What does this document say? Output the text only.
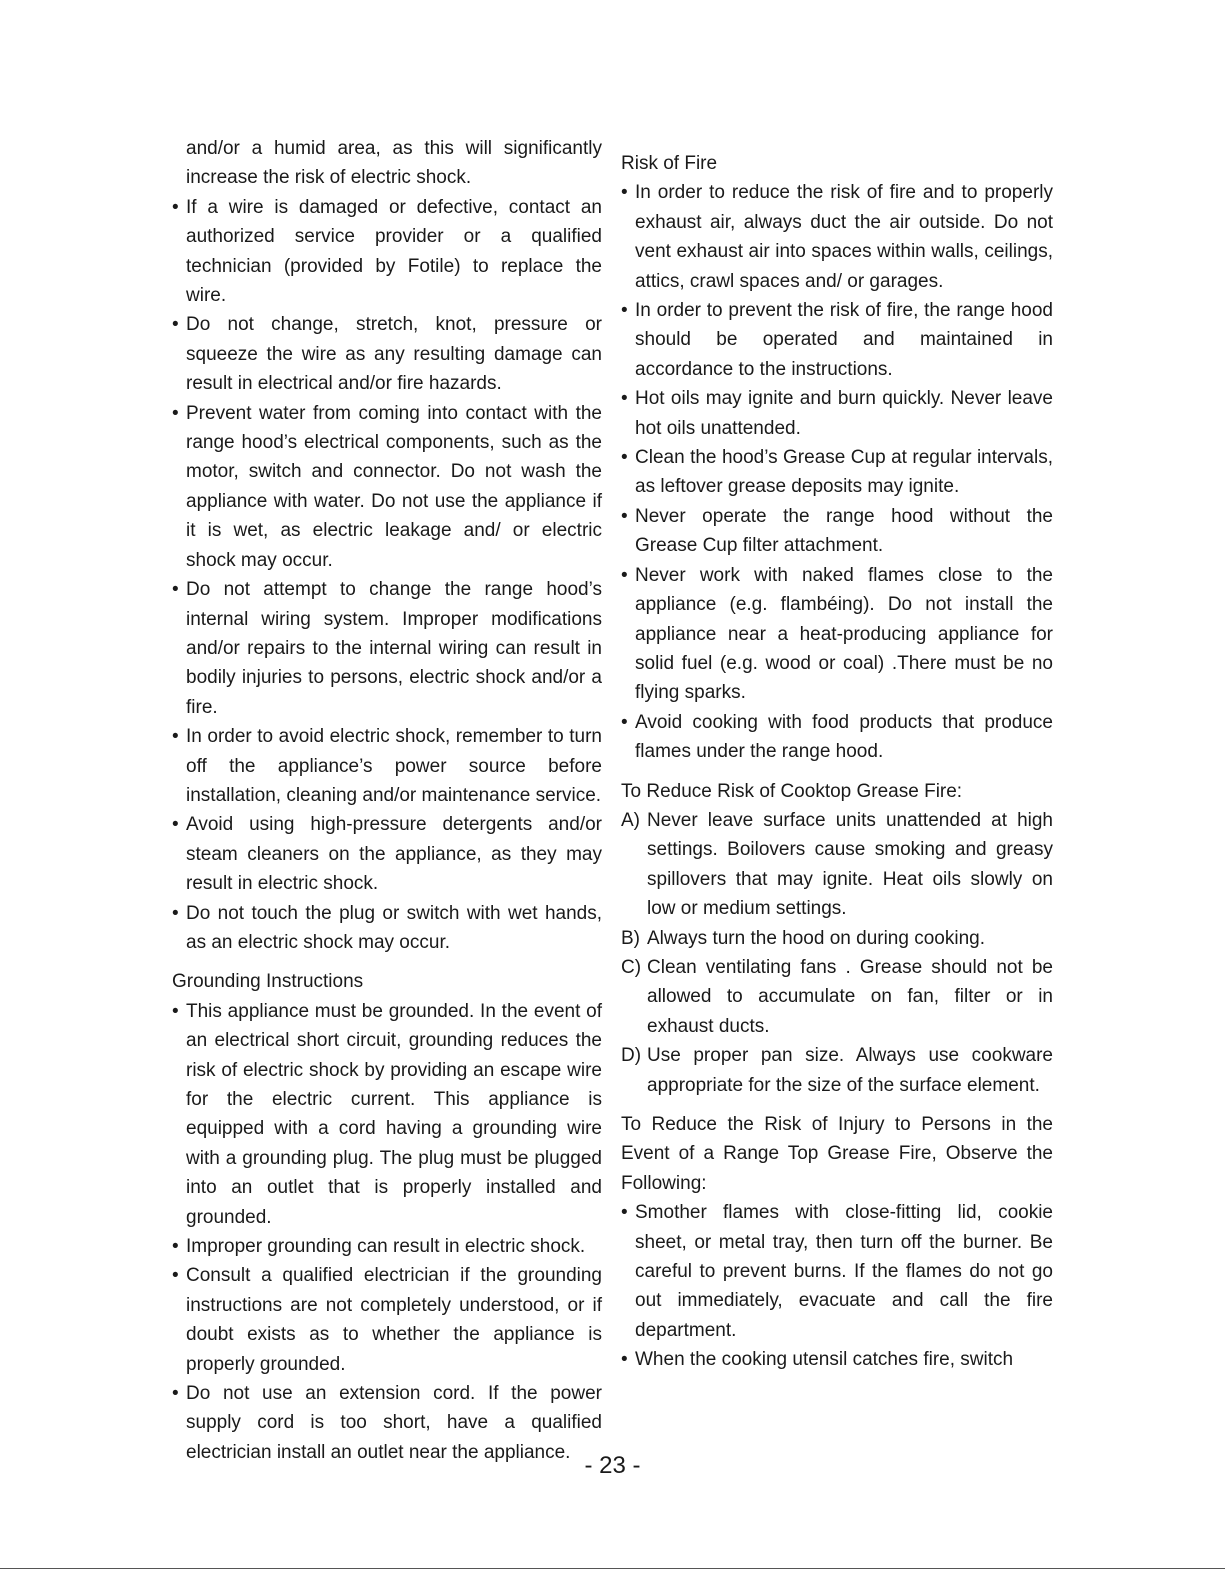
and/or a humid area, as this will significantly increase the risk of electric shock.

• If a wire is damaged or defective, contact an authorized service provider or a qualified technician (provided by Fotile) to replace the wire.

• Do not change, stretch, knot, pressure or squeeze the wire as any resulting damage can result in electrical and/or fire hazards.

• Prevent water from coming into contact with the range hood’s electrical components, such as the motor, switch and connector. Do not wash the appliance with water. Do not use the appliance if it is wet, as electric leakage and/ or electric shock may occur.

• Do not attempt to change the range hood’s internal wiring system. Improper modifications and/or repairs to the internal wiring can result in bodily injuries to persons, electric shock and/or a fire.

• In order to avoid electric shock, remember to turn off the appliance’s power source before installation, cleaning and/or maintenance service.

• Avoid using high-pressure detergents and/or steam cleaners on the appliance, as they may result in electric shock.

• Do not touch the plug or switch with wet hands, as an electric shock may occur.

Grounding Instructions

• This appliance must be grounded. In the event of an electrical short circuit, grounding reduces the risk of electric shock by providing an escape wire for the electric current. This appliance is equipped with a cord having a grounding wire with a grounding plug. The plug must be plugged into an outlet that is properly installed and grounded.

• Improper grounding can result in electric shock.

• Consult a qualified electrician if the grounding instructions are not completely understood, or if doubt exists as to whether the appliance is properly grounded.

• Do not use an extension cord. If the power supply cord is too short, have a qualified electrician install an outlet near the appliance.

Risk of Fire

• In order to reduce the risk of fire and to properly exhaust air, always duct the air outside. Do not vent exhaust air into spaces within walls, ceilings, attics, crawl spaces and/ or garages.

• In order to prevent the risk of fire, the range hood should be operated and maintained in accordance to the instructions.

• Hot oils may ignite and burn quickly. Never leave hot oils unattended.

• Clean the hood’s Grease Cup at regular intervals, as leftover grease deposits may ignite.

• Never operate the range hood without the Grease Cup filter attachment.

• Never work with naked flames close to the appliance (e.g. flambéing). Do not install the appliance near a heat-producing appliance for solid fuel (e.g. wood or coal) .There must be no flying sparks.

• Avoid cooking with food products that produce flames under the range hood.

To Reduce Risk of Cooktop Grease Fire:

A) Never leave surface units unattended at high settings. Boilovers cause smoking and greasy spillovers that may ignite. Heat oils slowly on low or medium settings.

B) Always turn the hood on during cooking.

C) Clean ventilating fans . Grease should not be allowed to accumulate on fan, filter or in exhaust ducts.

D) Use proper pan size. Always use cookware appropriate for the size of the surface element.

To Reduce the Risk of Injury to Persons in the Event of a Range Top Grease Fire, Observe the Following:

• Smother flames with close-fitting lid, cookie sheet, or metal tray, then turn off the burner. Be careful to prevent burns. If the flames do not go out immediately, evacuate and call the fire department.

• When the cooking utensil catches fire, switch

- 23 -
